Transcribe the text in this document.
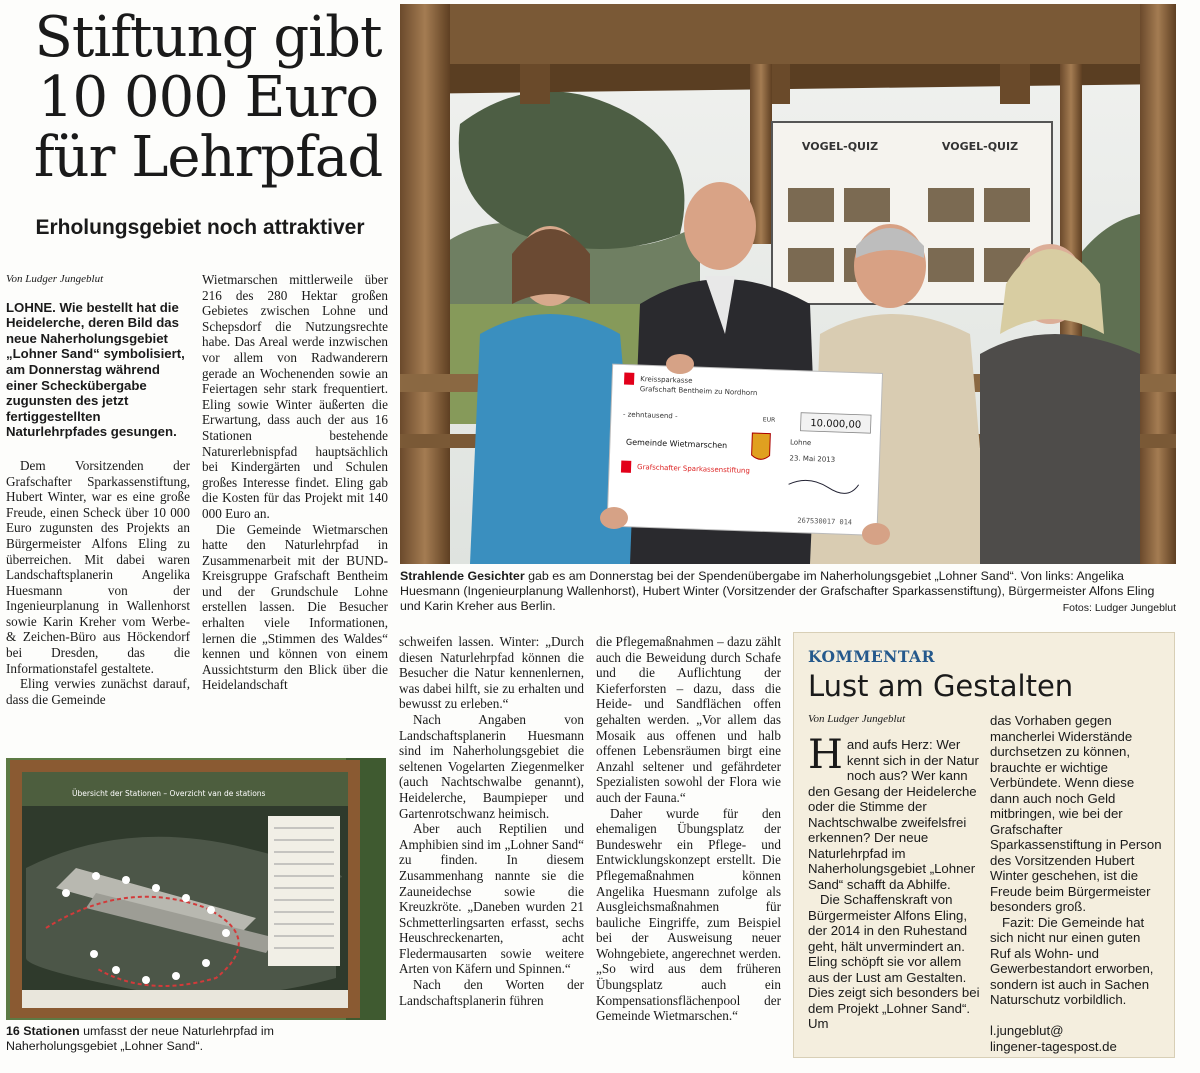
Stiftung gibt
10 000 Euro
für Lehrpfad
Erholungsgebiet noch attraktiver

Von Ludger Jungeblut

LOHNE. Wie bestellt hat die Heidelerche, deren Bild das neue Naherholungsgebiet „Lohner Sand“ symbolisiert, am Donnerstag während einer Scheckübergabe zugunsten des jetzt fertiggestellten Naturlehrpfades gesungen.

Dem Vorsitzenden der Grafschafter Sparkassenstiftung, Hubert Winter, war es eine große Freude, einen Scheck über 10 000 Euro zugunsten des Projekts an Bürgermeister Alfons Eling zu überreichen. Mit dabei waren Landschaftsplanerin Angelika Huesmann von der Ingenieurplanung in Wallenhorst sowie Karin Kreher vom Werbe- & Zeichen-Büro aus Höckendorf bei Dresden, das die Informationstafel gestaltete.

Eling verwies zunächst darauf, dass die Gemeinde

Wietmarschen mittlerweile über 216 des 280 Hektar großen Gebietes zwischen Lohne und Schepsdorf die Nutzungsrechte habe. Das Areal werde inzwischen vor allem von Radwanderern gerade an Wochenenden sowie an Feiertagen sehr stark frequentiert. Eling sowie Winter äußerten die Erwartung, dass auch der aus 16 Stationen bestehende Naturerlebnispfad hauptsächlich bei Kindergärten und Schulen großes Interesse findet. Eling gab die Kosten für das Projekt mit 140 000 Euro an.

Die Gemeinde Wietmarschen hatte den Naturlehrpfad in Zusammenarbeit mit der BUND-Kreisgruppe Grafschaft Bentheim und der Grundschule Lohne erstellen lassen. Die Besucher erhalten viele Informationen, lernen die „Stimmen des Waldes“ kennen und können von einem Aussichtsturm den Blick über die Heidelandschaft

schweifen lassen. Winter: „Durch diesen Naturlehrpfad können die Besucher die Natur kennenlernen, was dabei hilft, sie zu erhalten und bewusst zu erleben.“

Nach Angaben von Landschaftsplanerin Huesmann sind im Naherholungsgebiet die seltenen Vogelarten Ziegenmelker (auch Nachtschwalbe genannt), Heidelerche, Baumpieper und Gartenrotschwanz heimisch.

Aber auch Reptilien und Amphibien sind im „Lohner Sand“ zu finden. In diesem Zusammenhang nannte sie die Zauneidechse sowie die Kreuzkröte. „Daneben wurden 21 Schmetterlingsarten erfasst, sechs Heuschreckenarten, acht Fledermausarten sowie weitere Arten von Käfern und Spinnen.“

Nach den Worten der Landschaftsplanerin führen

die Pflegemaßnahmen – dazu zählt auch die Beweidung durch Schafe und die Auflichtung der Kieferforsten – dazu, dass die Heide- und Sandflächen offen gehalten werden. „Vor allem das Mosaik aus offenen und halb offenen Lebensräumen birgt eine Anzahl seltener und gefährdeter Spezialisten sowohl der Flora wie auch der Fauna.“

Daher wurde für den ehemaligen Übungsplatz der Bundeswehr ein Pflege- und Entwicklungskonzept erstellt. Die Pflegemaßnahmen können Angelika Huesmann zufolge als Ausgleichsmaßnahmen für bauliche Eingriffe, zum Beispiel bei der Ausweisung neuer Wohngebiete, angerechnet werden. „So wird aus dem früheren Übungsplatz auch ein Kompensationsflächenpool der Gemeinde Wietmarschen.“

VOGEL-QUIZ	VOGEL-QUIZ
Kreissparkasse
Grafschaft Bentheim zu Nordhorn
- zehntausend -	EUR	10.000,00
Gemeinde Wietmarschen	Lohne
23. Mai 2013
Grafschafter Sparkassenstiftung
267530017 014
Strahlende Gesichter gab es am Donnerstag bei der Spendenübergabe im Naherholungsgebiet „Lohner Sand“. Von links: Angelika Huesmann (Ingenieurplanung Wallenhorst), Hubert Winter (Vorsitzender der Grafschafter Sparkassenstiftung), Bürgermeister Alfons Eling und Karin Kreher aus Berlin.	Fotos: Ludger Jungeblut
Übersicht der Stationen – Overzicht van de stations
16 Stationen umfasst der neue Naturlehrpfad im Naherholungsgebiet „Lohner Sand“.
KOMMENTAR
Lust am Gestalten
Von Ludger Jungeblut

Hand aufs Herz: Wer kennt sich in der Natur noch aus? Wer kann den Gesang der Heidelerche oder die Stimme der Nachtschwalbe zweifelsfrei erkennen? Der neue Naturlehrpfad im Naherholungsgebiet „Lohner Sand“ schafft da Abhilfe.

Die Schaffenskraft von Bürgermeister Alfons Eling, der 2014 in den Ruhestand geht, hält unvermindert an. Eling schöpft sie vor allem aus der Lust am Gestalten. Dies zeigt sich besonders bei dem Projekt „Lohner Sand“. Um

das Vorhaben gegen mancherlei Widerstände durchsetzen zu können, brauchte er wichtige Verbündete. Wenn diese dann auch noch Geld mitbringen, wie bei der Grafschafter Sparkassenstiftung in Person des Vorsitzenden Hubert Winter geschehen, ist die Freude beim Bürgermeister besonders groß.

Fazit: Die Gemeinde hat sich nicht nur einen guten Ruf als Wohn- und Gewerbestandort erworben, sondern ist auch in Sachen Naturschutz vorbildlich.

l.jungeblut@

lingener-tagespost.de
